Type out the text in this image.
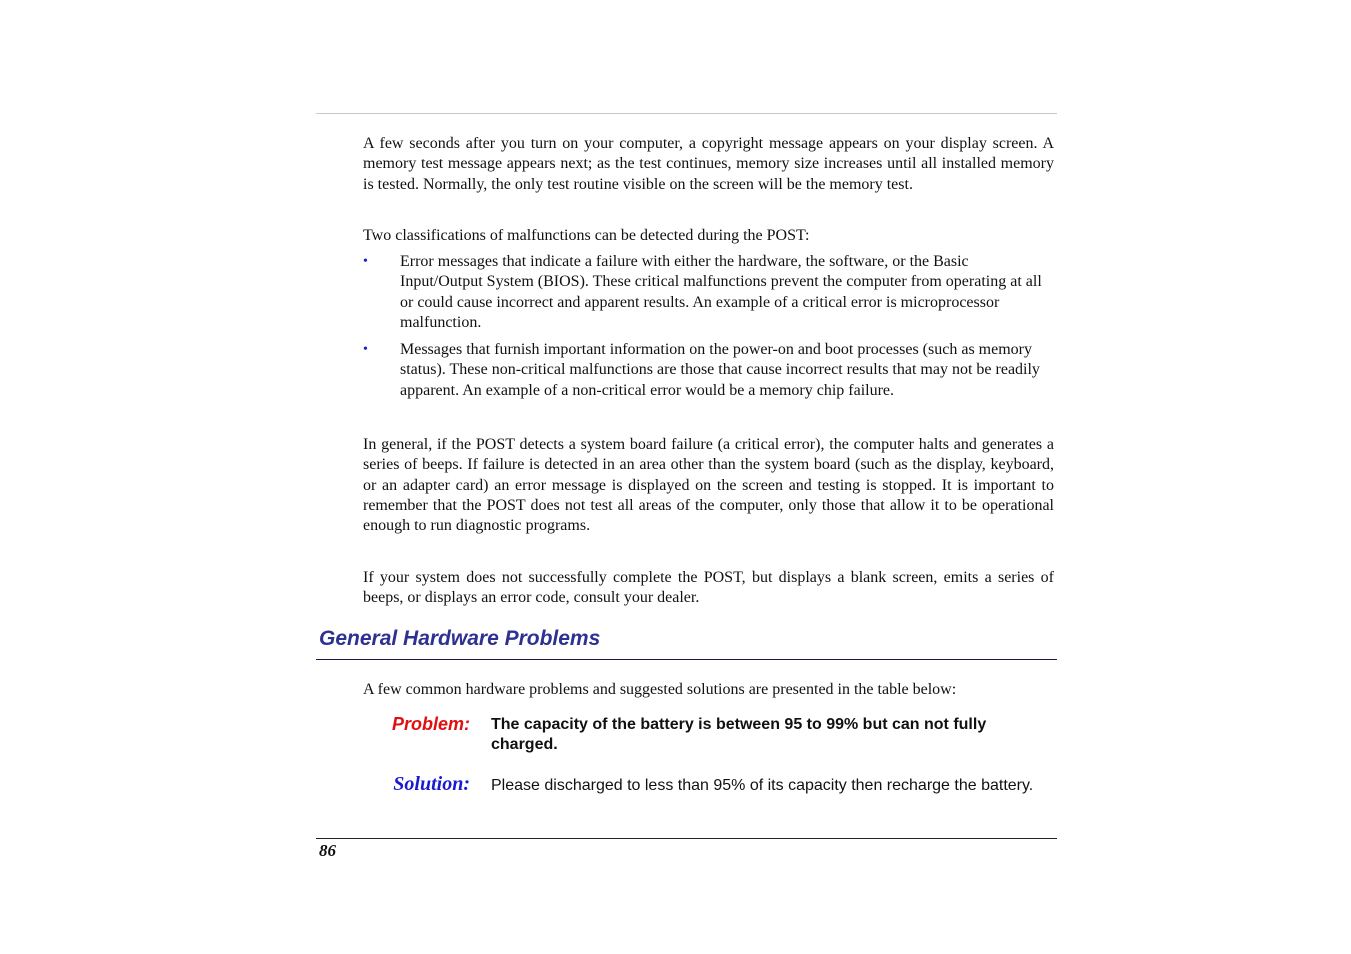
A few seconds after you turn on your computer, a copyright message appears on your display screen. A memory test message appears next; as the test continues, memory size increases until all installed memory is tested. Normally, the only test routine visible on the screen will be the memory test.

Two classifications of malfunctions can be detected during the POST:

• Error messages that indicate a failure with either the hardware, the software, or the Basic Input/Output System (BIOS). These critical malfunctions prevent the computer from operating at all or could cause incorrect and apparent results. An example of a critical error is microprocessor malfunction.
• Messages that furnish important information on the power-on and boot processes (such as memory status). These non-critical malfunctions are those that cause incorrect results that may not be readily apparent. An example of a non-critical error would be a memory chip failure.

In general, if the POST detects a system board failure (a critical error), the computer halts and generates a series of beeps. If failure is detected in an area other than the system board (such as the display, keyboard, or an adapter card) an error message is displayed on the screen and testing is stopped. It is important to remember that the POST does not test all areas of the computer, only those that allow it to be operational enough to run diagnostic programs.

If your system does not successfully complete the POST, but displays a blank screen, emits a series of beeps, or displays an error code, consult your dealer.

General Hardware Problems

A few common hardware problems and suggested solutions are presented in the table below:

Problem: The capacity of the battery is between 95 to 99% but can not fully charged.

Solution: Please discharged to less than 95% of its capacity then recharge the battery.

86
